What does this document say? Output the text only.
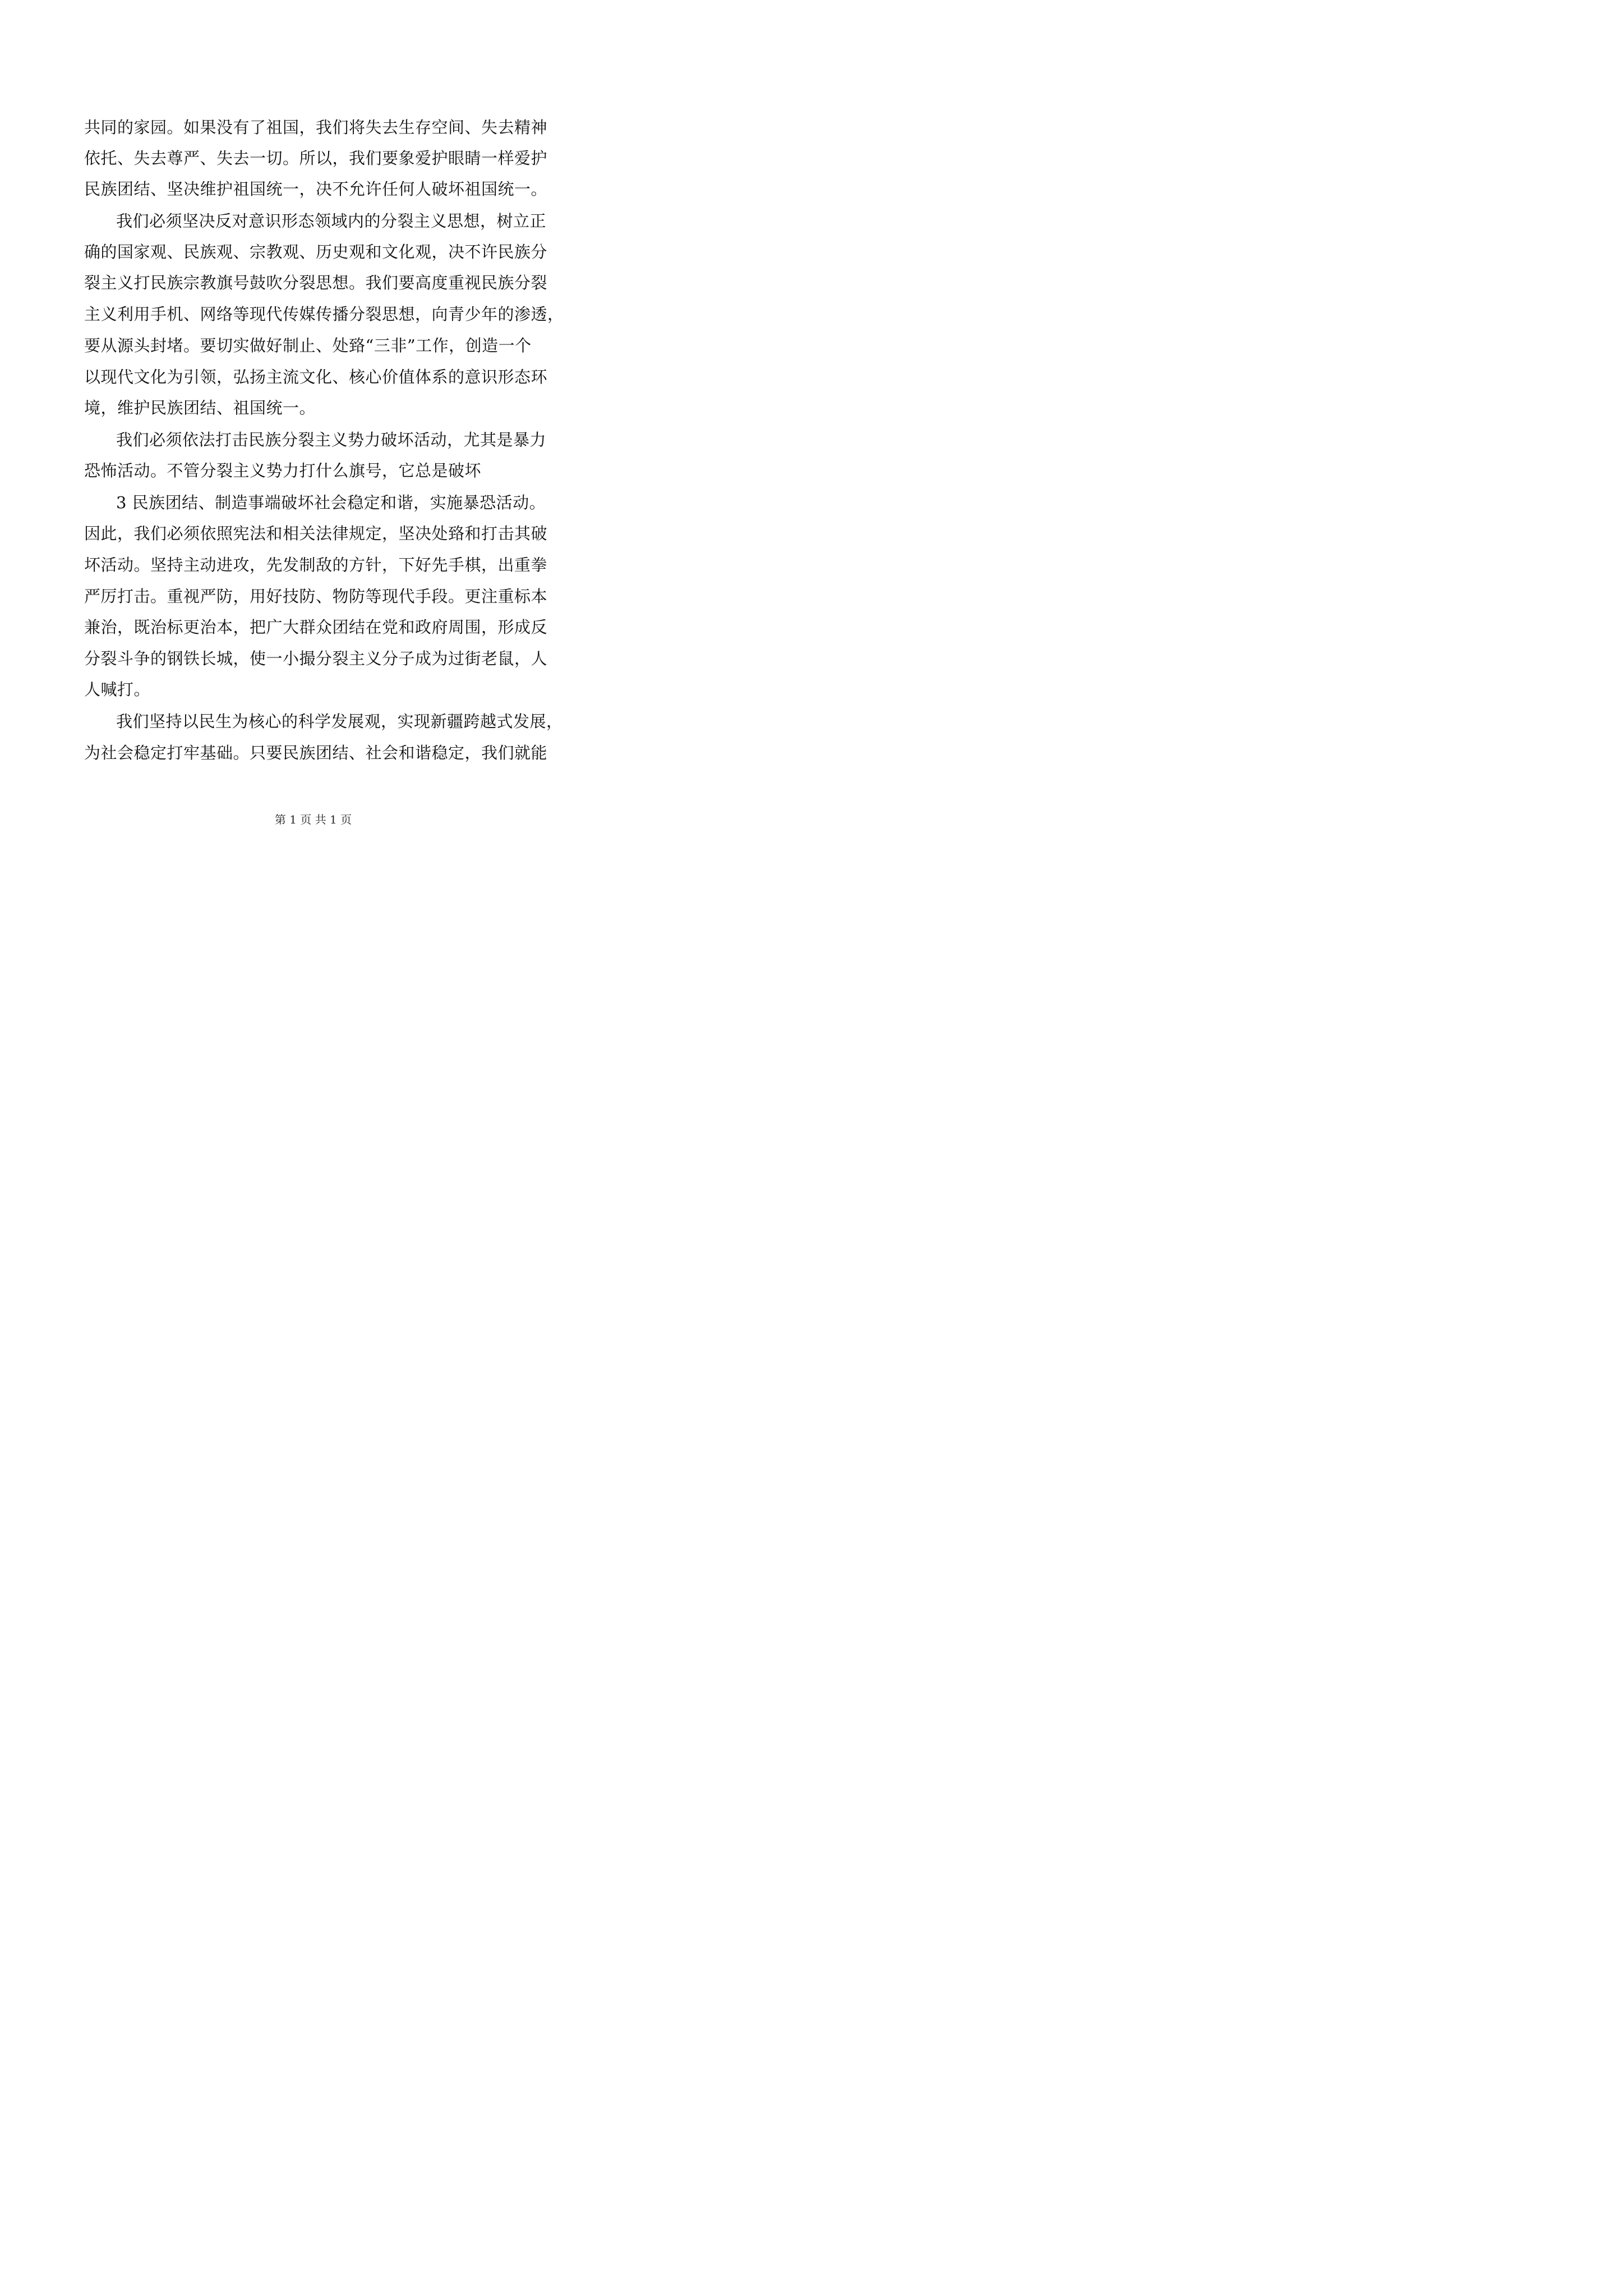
共同的家园。如果没有了祖国，我们将失去生存空间、失去精神
依托、失去尊严、失去一切。所以，我们要象爱护眼睛一样爱护
民族团结、坚决维护祖国统一，决不允许任何人破坏祖国统一。
我们必须坚决反对意识形态领域内的分裂主义思想，树立正
确的国家观、民族观、宗教观、历史观和文化观，决不许民族分
裂主义打民族宗教旗号鼓吹分裂思想。我们要高度重视民族分裂
主义利用手机、网络等现代传媒传播分裂思想，向青少年的渗透，
要从源头封堵。要切实做好制止、处臵“三非”工作，创造一个
以现代文化为引领，弘扬主流文化、核心价值体系的意识形态环
境，维护民族团结、祖国统一。
我们必须依法打击民族分裂主义势力破坏活动，尤其是暴力
恐怖活动。不管分裂主义势力打什么旗号，它总是破坏
3 民族团结、制造事端破坏社会稳定和谐，实施暴恐活动。
因此，我们必须依照宪法和相关法律规定，坚决处臵和打击其破
坏活动。坚持主动进攻，先发制敌的方针，下好先手棋，出重拳
严厉打击。重视严防，用好技防、物防等现代手段。更注重标本
兼治，既治标更治本，把广大群众团结在党和政府周围，形成反
分裂斗争的钢铁长城，使一小撮分裂主义分子成为过街老鼠，人
人喊打。
我们坚持以民生为核心的科学发展观，实现新疆跨越式发展，
为社会稳定打牢基础。只要民族团结、社会和谐稳定，我们就能
第 1 页 共 1 页
